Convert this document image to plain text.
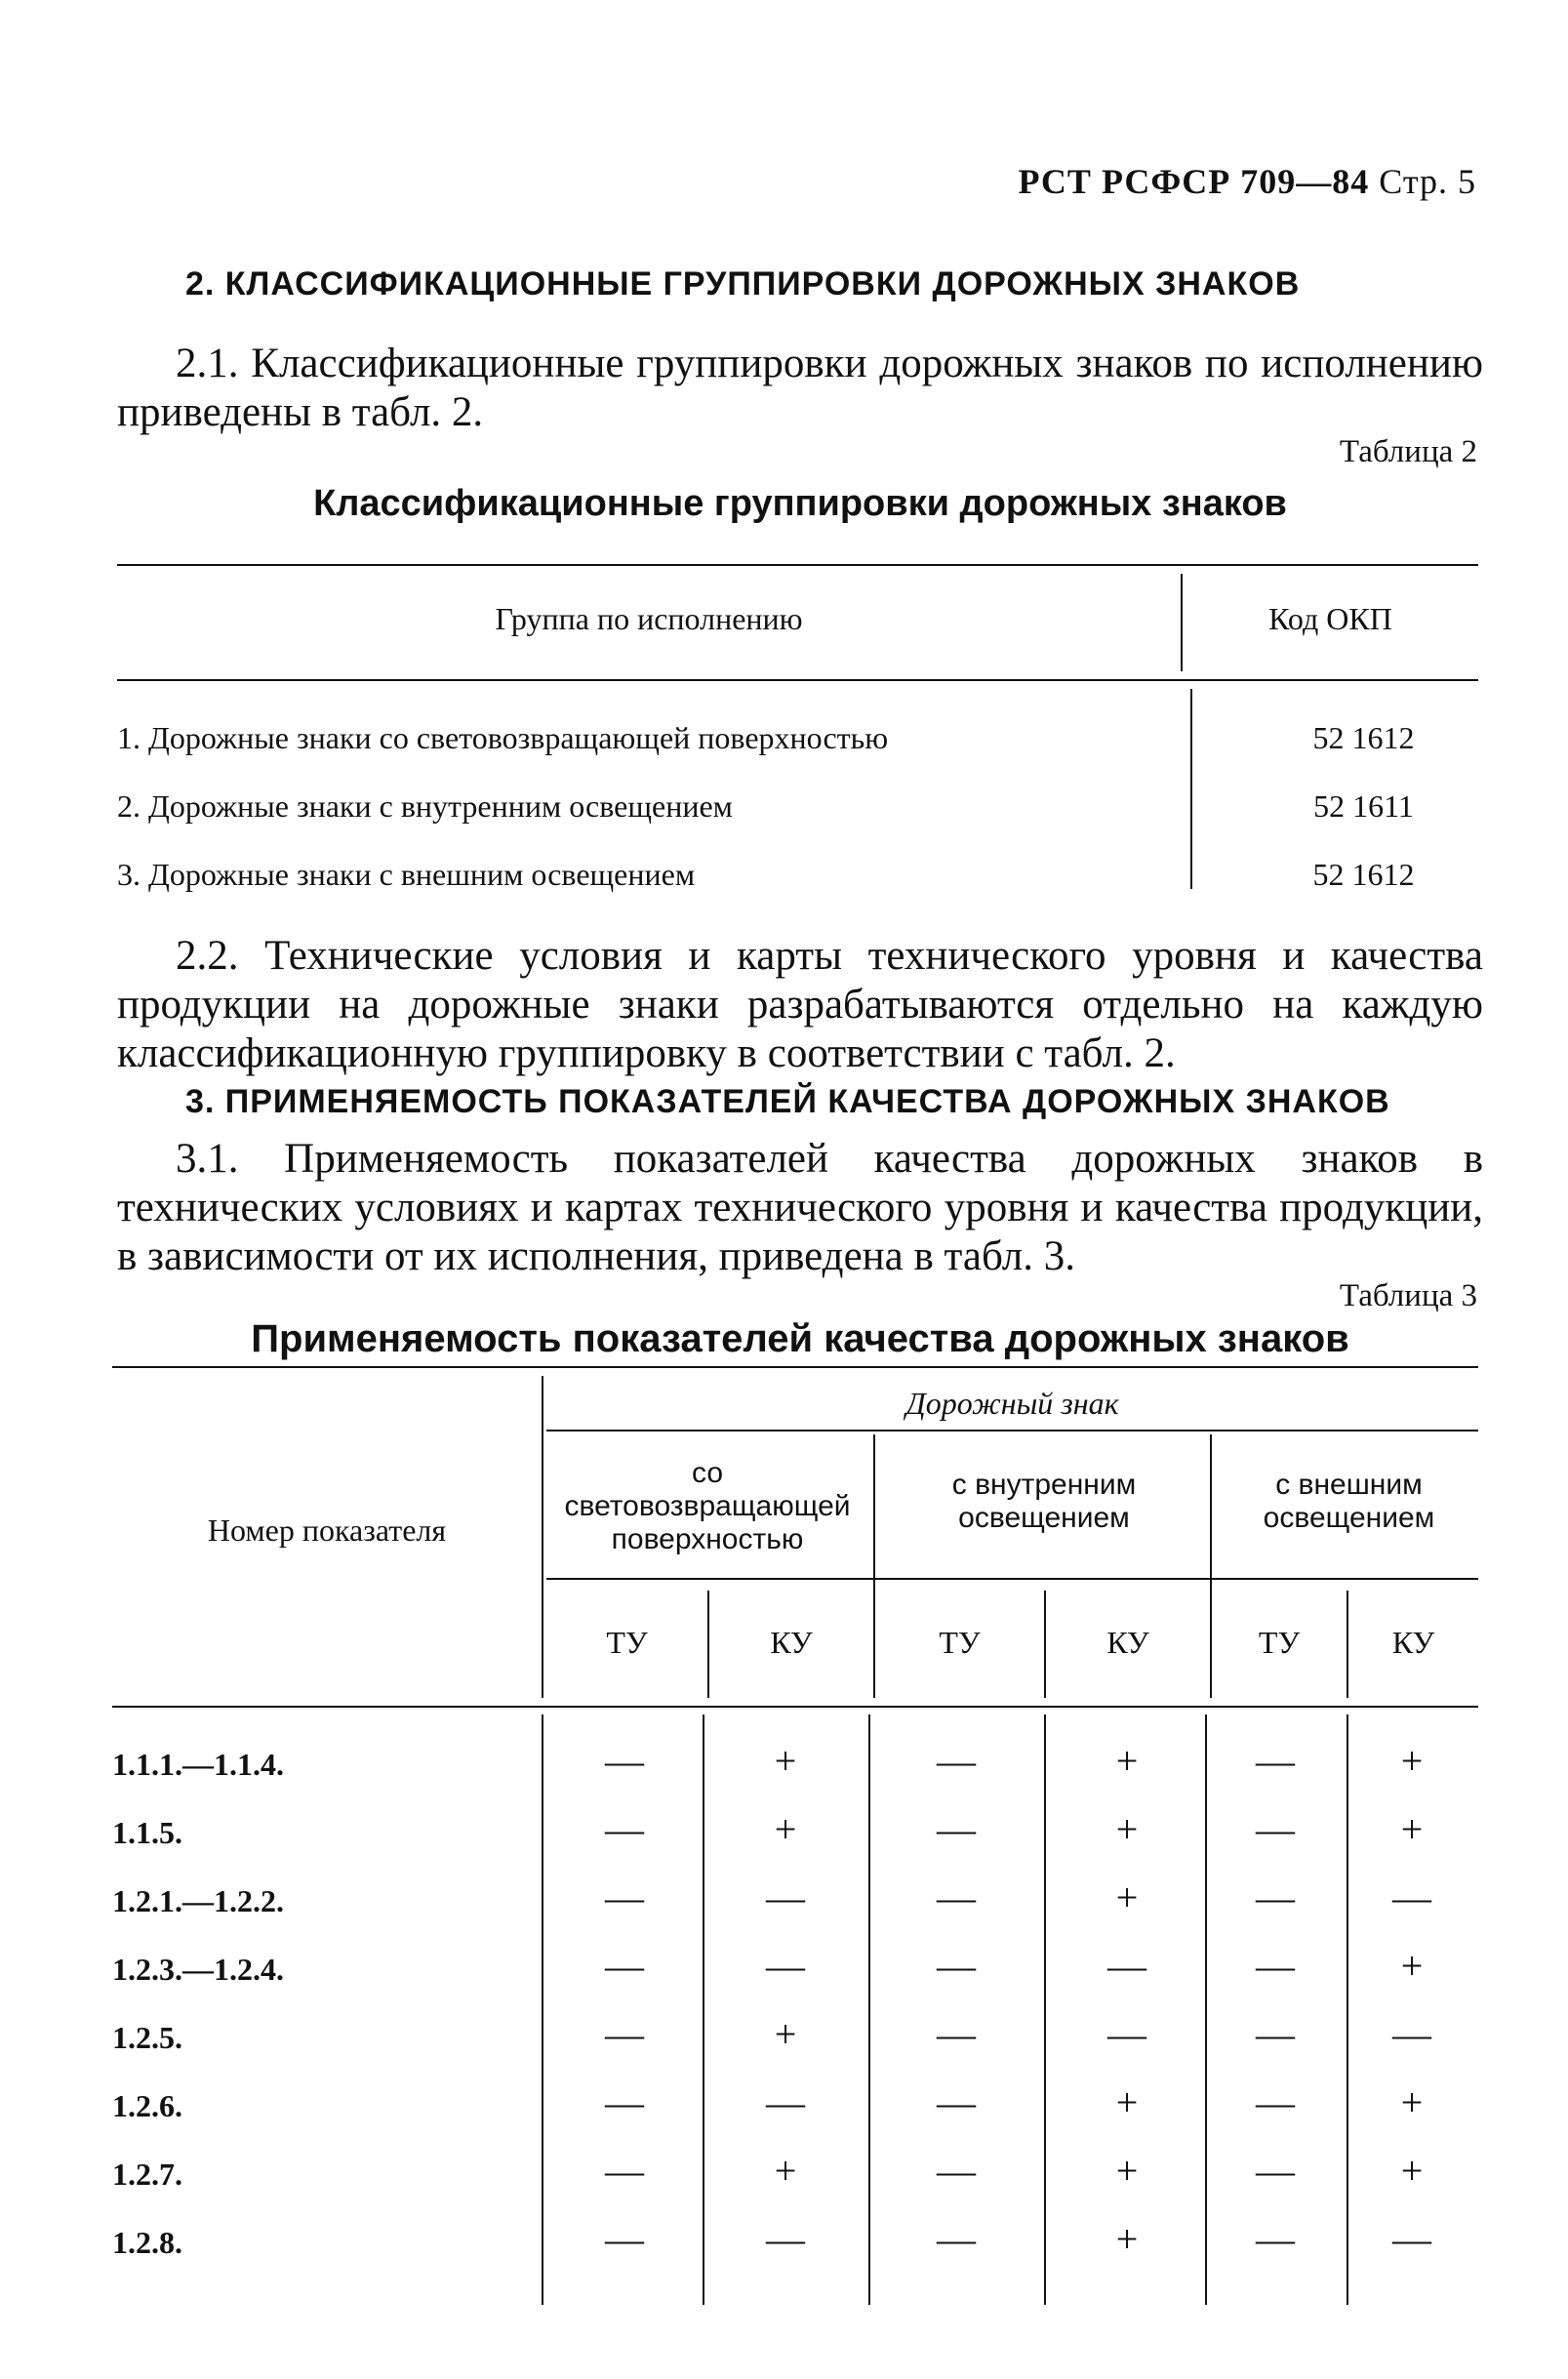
РСТ РСФСР 709—84 Стр. 5
2. КЛАССИФИКАЦИОННЫЕ ГРУППИРОВКИ ДОРОЖНЫХ ЗНАКОВ
2.1. Классификационные группировки дорожных знаков по исполнению приведены в табл. 2.
Таблица 2
Классификационные группировки дорожных знаков
Группа по исполнению	Код ОКП
1. Дорожные знаки со световозвращающей поверхностью	52 1612
2. Дорожные знаки с внутренним освещением	52 1611
3. Дорожные знаки с внешним освещением	52 1612
2.2. Технические условия и карты технического уровня и качества продукции на дорожные знаки разрабатываются отдельно на каждую классификационную группировку в соответствии с табл. 2.
3. ПРИМЕНЯЕМОСТЬ ПОКАЗАТЕЛЕЙ КАЧЕСТВА ДОРОЖНЫХ ЗНАКОВ
3.1. Применяемость показателей качества дорожных знаков в технических условиях и картах технического уровня и качества продукции, в зависимости от их исполнения, приведена в табл. 3.
Таблица 3
Применяемость показателей качества дорожных знаков
Дорожный знак
Номер показателя
со световозвращающей поверхностью
с внутренним освещением
с внешним освещением
ТУ	КУ	ТУ	КУ	ТУ	КУ
1.1.1.—1.1.4.	—	+	—	+	—	+
1.1.5.	—	+	—	+	—	+
1.2.1.—1.2.2.	—	—	—	+	—	—
1.2.3.—1.2.4.	—	—	—	—	—	+
1.2.5.	—	+	—	—	—	—
1.2.6.	—	—	—	+	—	+
1.2.7.	—	+	—	+	—	+
1.2.8.	—	—	—	+	—	—
